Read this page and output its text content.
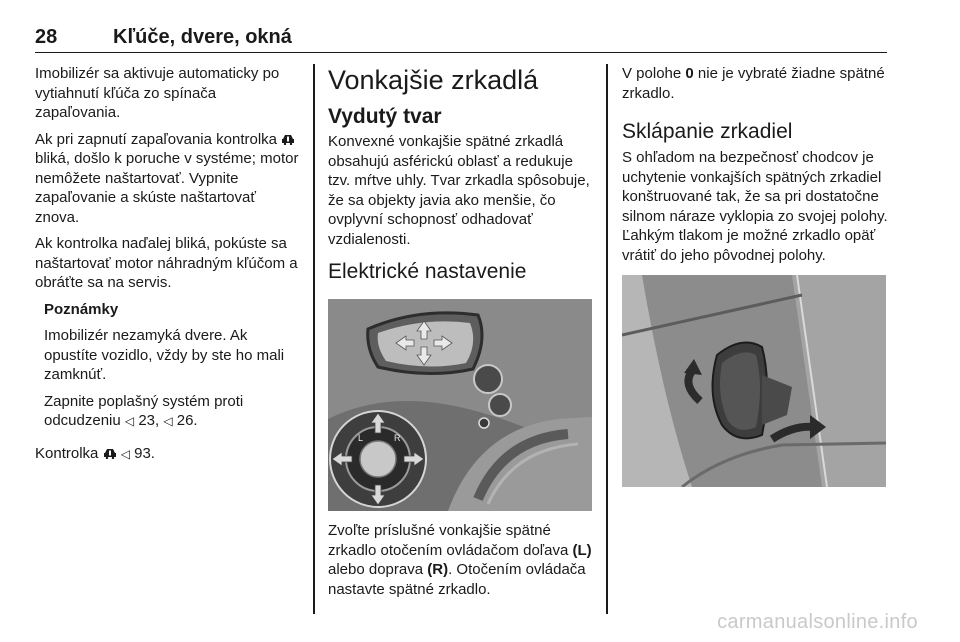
28	Kľúče, dvere, okná

Imobilizér sa aktivuje automaticky po vytiahnutí kľúča zo spínača zapaľovania.

Ak pri zapnutí zapaľovania kontrolka  bliká, došlo k poruche v systéme; motor nemôžete naštartovať. Vypnite zapaľovanie a skúste naštartovať znova.

Ak kontrolka naďalej bliká, pokúste sa naštartovať motor náhradným kľúčom a obráťte sa na servis.

Poznámky

Imobilizér nezamyká dvere. Ak opustíte vozidlo, vždy by ste ho mali zamknúť.

Zapnite poplašný systém proti odcudzeniu ◁ 23, ◁ 26.

Kontrolka ◁ 93.

Vonkajšie zrkadlá
Vydutý tvar

Konvexné vonkajšie spätné zrkadlá obsahujú asférickú oblasť a redukuje tzv. mŕtve uhly. Tvar zrkadla spôsobuje, že sa objekty javia ako menšie, čo ovplyvní schopnosť odhadovať vzdialenosti.

Elektrické nastavenie
L	R

Zvoľte príslušné vonkajšie spätné zrkadlo otočením ovládačom doľava (L) alebo doprava (R). Otočením ovládača nastavte spätné zrkadlo.

V polohe 0 nie je vybraté žiadne spätné zrkadlo.

Sklápanie zrkadiel

S ohľadom na bezpečnosť chodcov je uchytenie vonkajších spätných zrkadiel konštruované tak, že sa pri dostatočne silnom náraze vyklopia zo svojej polohy. Ľahkým tlakom je možné zrkadlo opäť vrátiť do jeho pôvodnej polohy.

carmanualsonline.info
